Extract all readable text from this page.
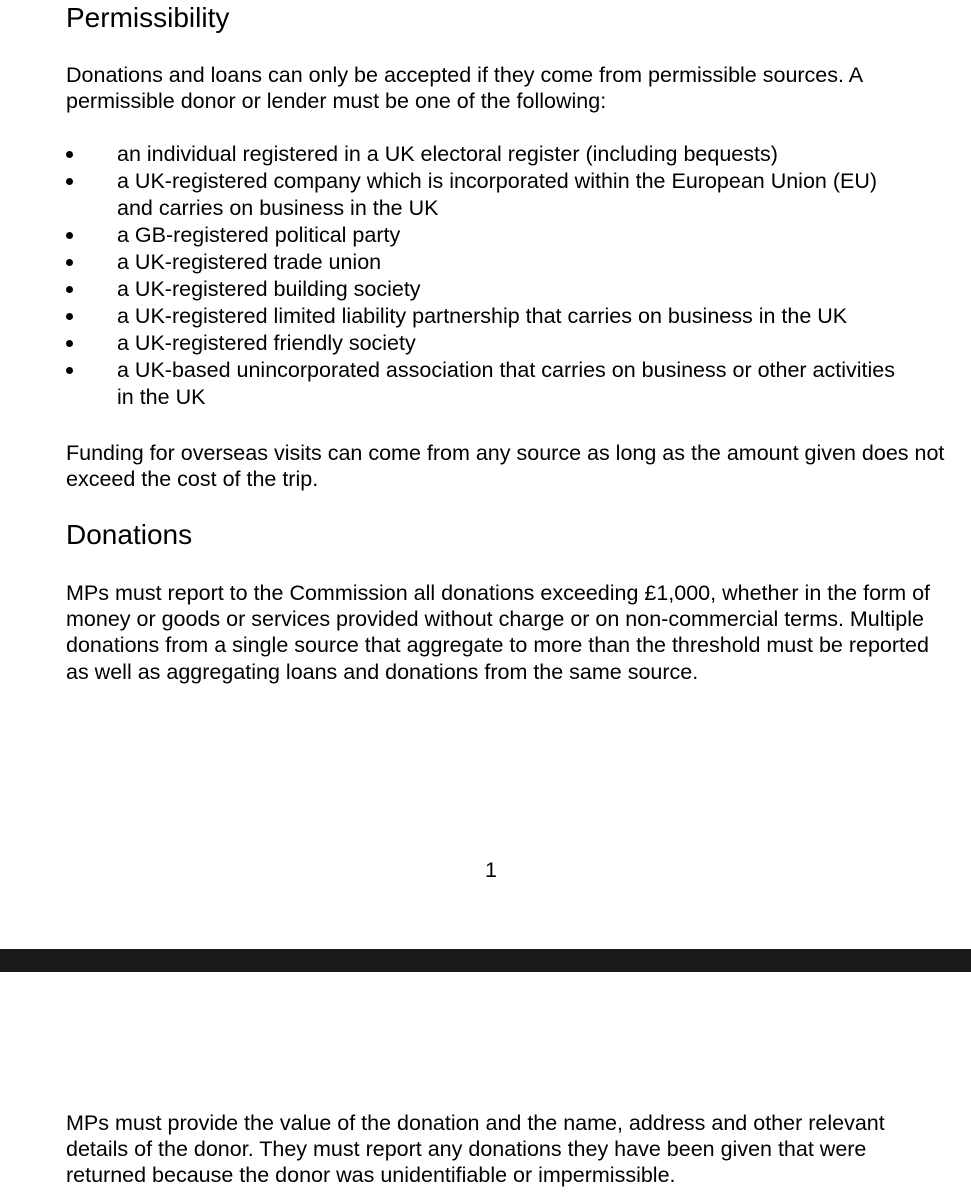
Permissibility

Donations and loans can only be accepted if they come from permissible sources. A permissible donor or lender must be one of the following:

an individual registered in a UK electoral register (including bequests)
a UK-registered company which is incorporated within the European Union (EU) and carries on business in the UK
a GB-registered political party
a UK-registered trade union
a UK-registered building society
a UK-registered limited liability partnership that carries on business in the UK
a UK-registered friendly society
a UK-based unincorporated association that carries on business or other activities in the UK

Funding for overseas visits can come from any source as long as the amount given does not exceed the cost of the trip.

Donations

MPs must report to the Commission all donations exceeding £1,000, whether in the form of money or goods or services provided without charge or on non-commercial terms. Multiple donations from a single source that aggregate to more than the threshold must be reported as well as aggregating loans and donations from the same source.

1

MPs must provide the value of the donation and the name, address and other relevant details of the donor. They must report any donations they have been given that were returned because the donor was unidentifiable or impermissible.
